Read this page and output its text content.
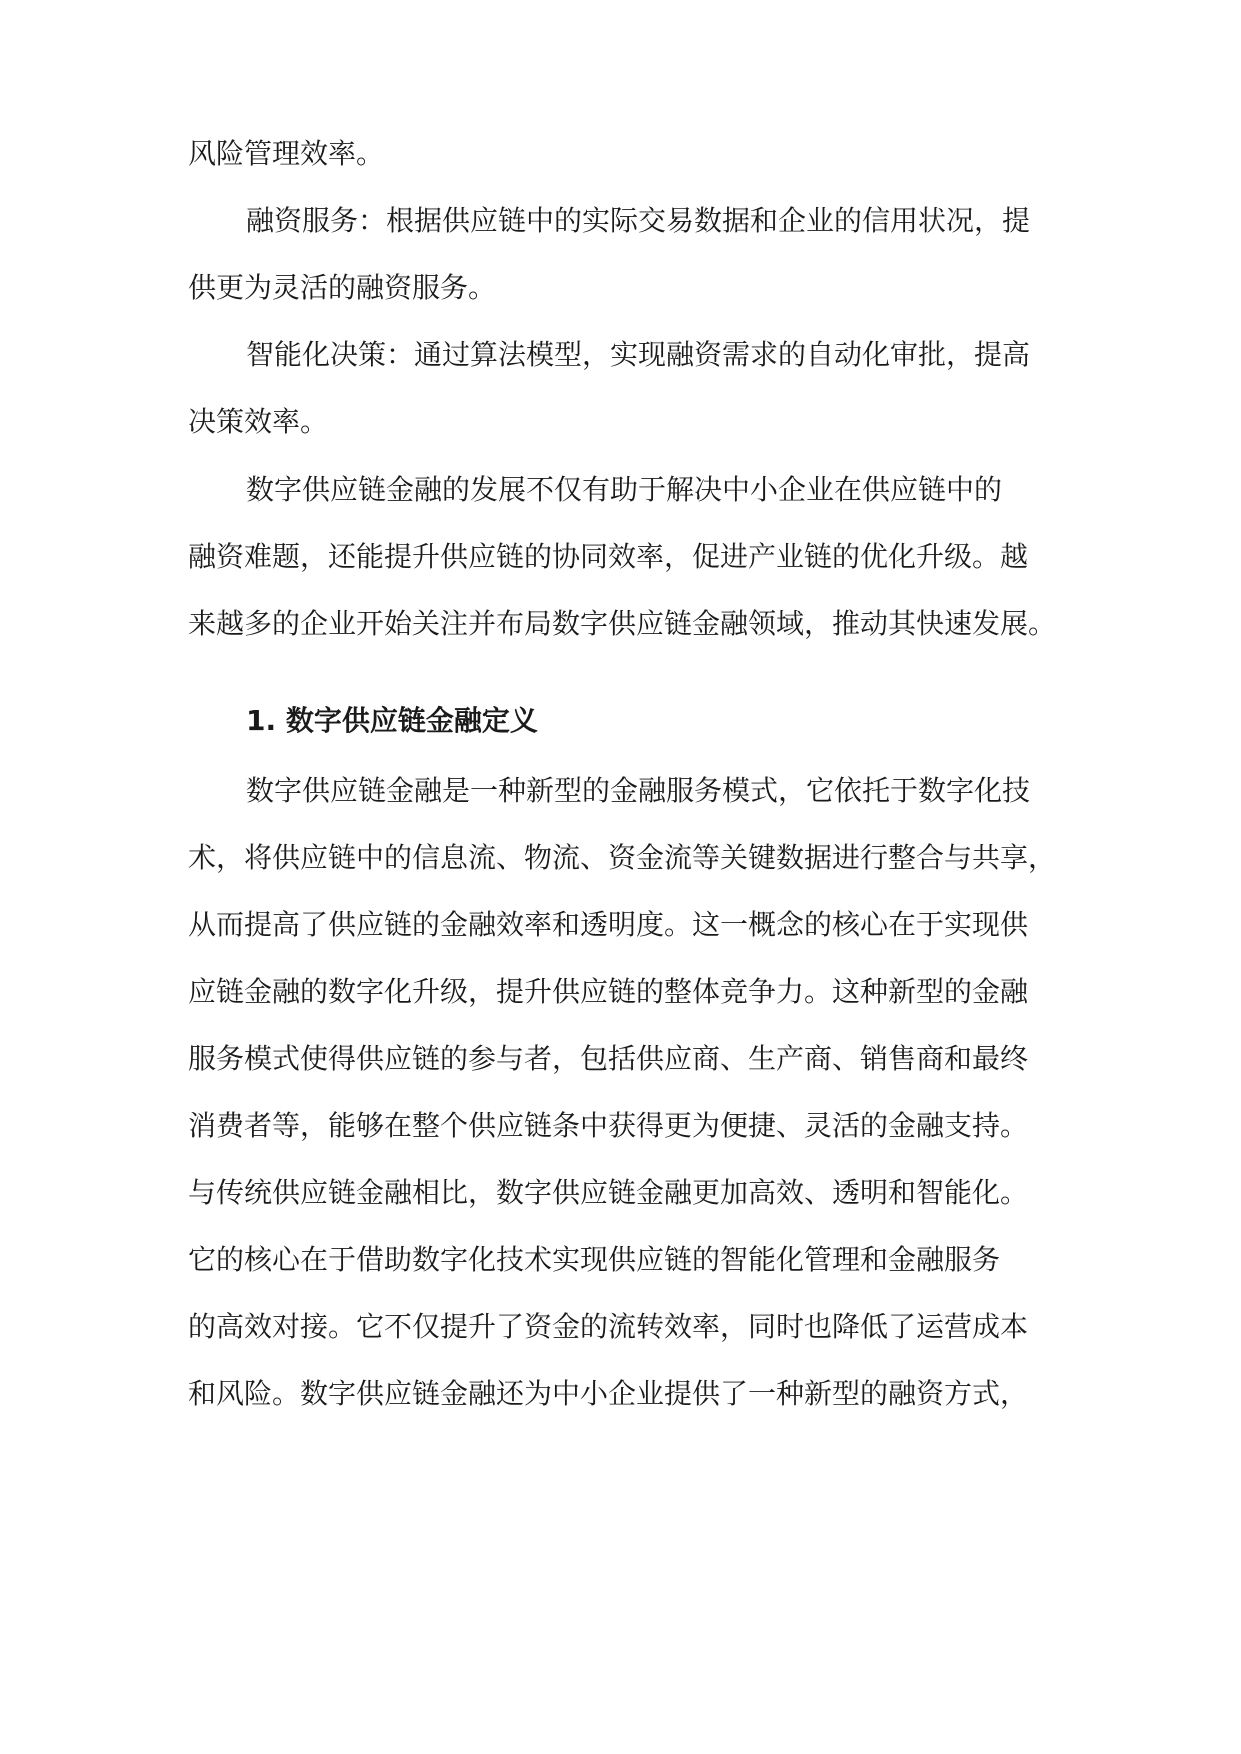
风险管理效率。
融资服务：根据供应链中的实际交易数据和企业的信用状况，提
供更为灵活的融资服务。
智能化决策：通过算法模型，实现融资需求的自动化审批，提高
决策效率。
数字供应链金融的发展不仅有助于解决中小企业在供应链中的
融资难题，还能提升供应链的协同效率，促进产业链的优化升级。越
来越多的企业开始关注并布局数字供应链金融领域，推动其快速发展。
1. 数字供应链金融定义
数字供应链金融是一种新型的金融服务模式，它依托于数字化技
术，将供应链中的信息流、物流、资金流等关键数据进行整合与共享，
从而提高了供应链的金融效率和透明度。这一概念的核心在于实现供
应链金融的数字化升级，提升供应链的整体竞争力。这种新型的金融
服务模式使得供应链的参与者，包括供应商、生产商、销售商和最终
消费者等，能够在整个供应链条中获得更为便捷、灵活的金融支持。
与传统供应链金融相比，数字供应链金融更加高效、透明和智能化。
它的核心在于借助数字化技术实现供应链的智能化管理和金融服务
的高效对接。它不仅提升了资金的流转效率，同时也降低了运营成本
和风险。数字供应链金融还为中小企业提供了一种新型的融资方式，
